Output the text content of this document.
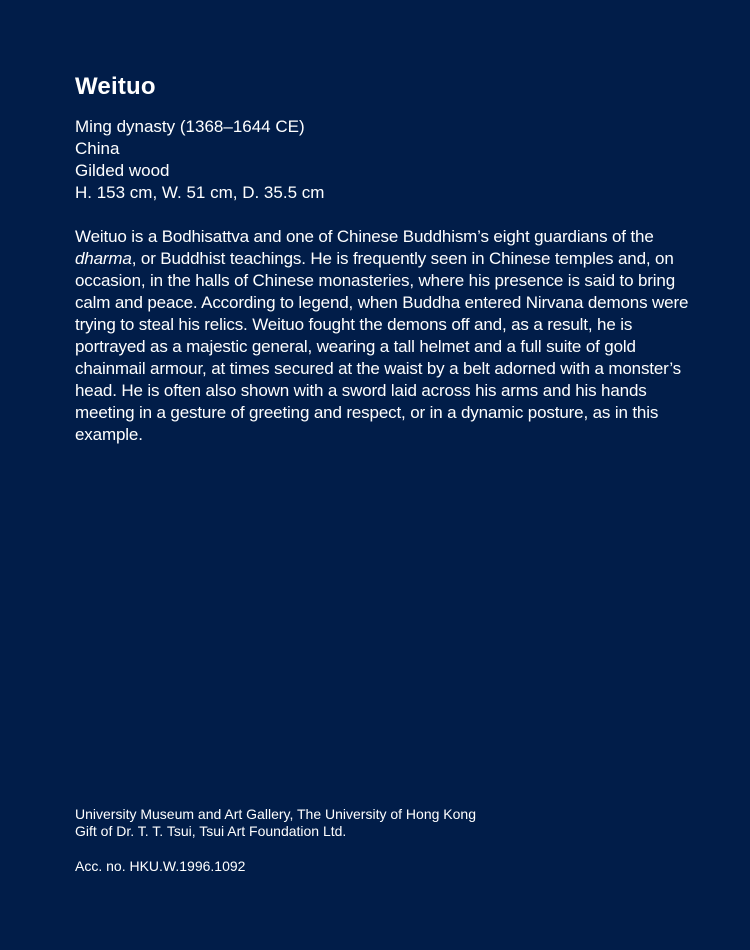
Weituo
Ming dynasty (1368–1644 CE)
China
Gilded wood
H. 153 cm, W. 51 cm, D. 35.5 cm

Weituo is a Bodhisattva and one of Chinese Buddhism’s eight guardians of the dharma, or Buddhist teachings. He is frequently seen in Chinese temples and, on occasion, in the halls of Chinese monasteries, where his presence is said to bring calm and peace. According to legend, when Buddha entered Nirvana demons were trying to steal his relics. Weituo fought the demons off and, as a result, he is portrayed as a majestic general, wearing a tall helmet and a full suite of gold chainmail armour, at times secured at the waist by a belt adorned with a monster’s head. He is often also shown with a sword laid across his arms and his hands meeting in a gesture of greeting and respect, or in a dynamic posture, as in this example.

University Museum and Art Gallery, The University of Hong Kong
Gift of Dr. T. T. Tsui, Tsui Art Foundation Ltd.
Acc. no. HKU.W.1996.1092
